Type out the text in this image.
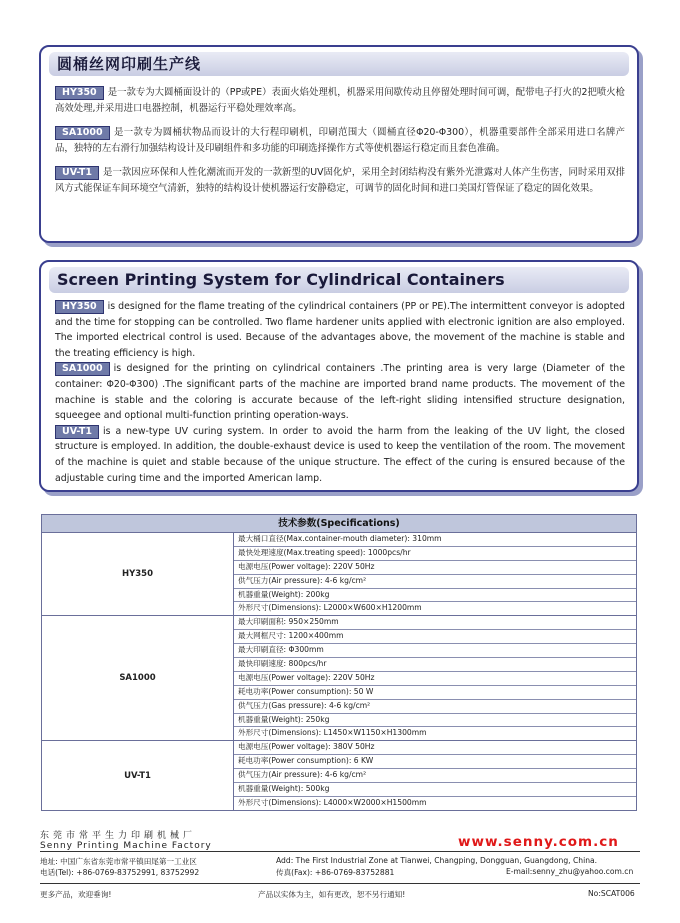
圆桶丝网印刷生产线

HY350 是一款专为大圆桶面设计的（PP或PE）表面火焰处理机，机器采用间歇传动且停留处理时间可调，配带电子打火的2把喷火枪高效处理,并采用进口电器控制，机器运行平稳处理效率高。

SA1000 是一款专为圆桶状物品而设计的大行程印刷机，印刷范围大（圆桶直径Φ20-Φ300），机器重要部件全部采用进口名牌产品，独特的左右滑行加强结构设计及印刷组件和多功能的印刷选择操作方式等使机器运行稳定而且套色准确。

UV-T1 是一款因应环保和人性化潮流而开发的一款新型的UV固化炉，采用全封闭结构没有紫外光泄露对人体产生伤害，同时采用双排风方式能保证车间环境空气清新，独特的结构设计使机器运行安静稳定，可调节的固化时间和进口美国灯管保证了稳定的固化效果。

Screen Printing System for Cylindrical Containers

HY350 is designed for the flame treating of the cylindrical containers (PP or PE).The intermittent conveyor is adopted and the time for stopping can be controlled. Two flame hardener units applied with electronic ignition are also employed. The imported electrical control is used. Because of the advantages above, the movement of the machine is stable and the treating efficiency is high.

SA1000 is designed for the printing on cylindrical containers .The printing area is very large (Diameter of the container: Φ20-Φ300) .The significant parts of the machine are imported brand name products. The movement of the machine is stable and the coloring is accurate because of the left-right sliding intensified structure designation, squeegee and optional multi-function printing operation-ways.

UV-T1 is a new-type UV curing system. In order to avoid the harm from the leaking of the UV light, the closed structure is employed. In addition, the double-exhaust device is used to keep the ventilation of the room. The movement of the machine is quiet and stable because of the unique structure. The effect of the curing is ensured because of the adjustable curing time and the imported American lamp.

技术参数(Specifications)
HY350
最大桶口直径(Max.container-mouth diameter): 310mm
最快处理速度(Max.treating speed): 1000pcs/hr
电源电压(Power voltage): 220V 50Hz
供气压力(Air pressure): 4-6 kg/cm²
机器重量(Weight): 200kg
外形尺寸(Dimensions): L2000×W600×H1200mm
SA1000
最大印刷面积: 950×250mm
最大网框尺寸: 1200×400mm
最大印刷直径: Φ300mm
最快印刷速度: 800pcs/hr
电源电压(Power voltage): 220V 50Hz
耗电功率(Power consumption): 50 W
供气压力(Gas pressure): 4-6 kg/cm²
机器重量(Weight): 250kg
外形尺寸(Dimensions): L1450×W1150×H1300mm
UV-T1
电源电压(Power voltage): 380V 50Hz
耗电功率(Power consumption): 6 KW
供气压力(Air pressure): 4-6 kg/cm²
机器重量(Weight): 500kg
外形尺寸(Dimensions): L4000×W2000×H1500mm
东莞市常平生力印刷机械厂
Senny Printing Machine Factory	www.senny.com.cn
地址: 中国广东省东莞市常平镇田尾第一工业区
电话(Tel): +86-0769-83752991, 83752992
Add: The First Industrial Zone at Tianwei, Changping, Dongguan, Guangdong, China.
传真(Fax): +86-0769-83752881	E-mail:senny_zhu@yahoo.com.cn
更多产品，欢迎垂询!	产品以实体为主，如有更改，恕不另行通知!	No:SCAT006
